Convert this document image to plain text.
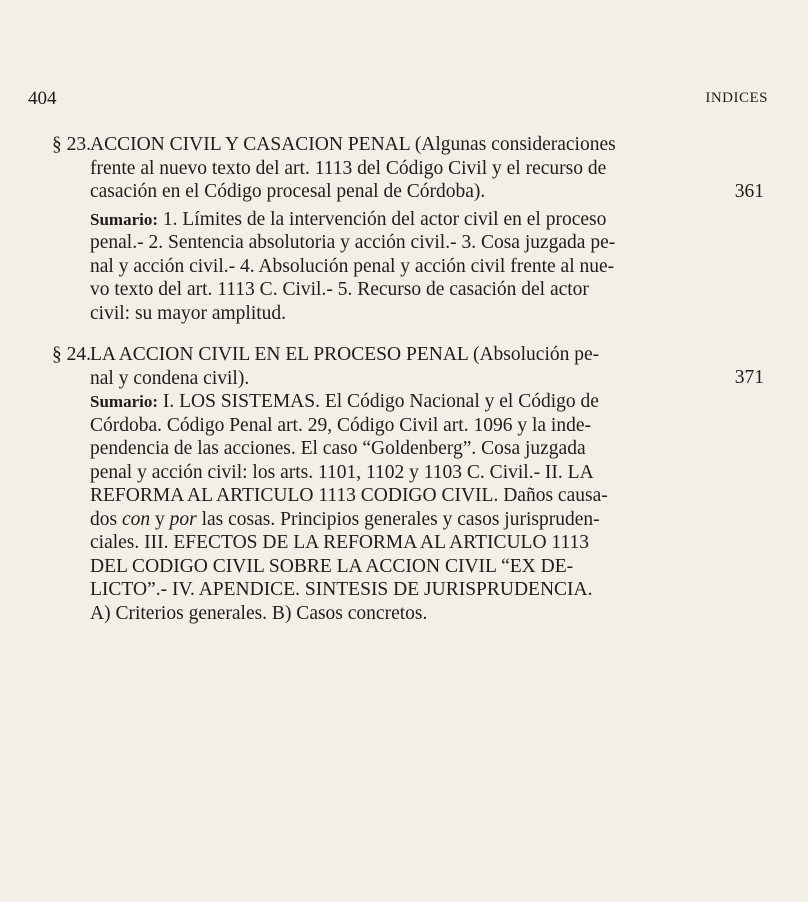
404	INDICES
§ 23. ACCION CIVIL Y CASACION PENAL (Algunas consideraciones
frente al nuevo texto del art. 1113 del Código Civil y el recurso de
casación en el Código procesal penal de Córdoba).
Sumario: 1. Límites de la intervención del actor civil en el proceso
penal.- 2. Sentencia absolutoria y acción civil.- 3. Cosa juzgada pe-
nal y acción civil.- 4. Absolución penal y acción civil frente al nue-
vo texto del art. 1113 C. Civil.- 5. Recurso de casación del actor
civil: su mayor amplitud.
361
§ 24. LA ACCION CIVIL EN EL PROCESO PENAL (Absolución pe-
nal y condena civil).
Sumario: I. LOS SISTEMAS. El Código Nacional y el Código de
Córdoba. Código Penal art. 29, Código Civil art. 1096 y la inde-
pendencia de las acciones. El caso “Goldenberg”. Cosa juzgada
penal y acción civil: los arts. 1101, 1102 y 1103 C. Civil.- II. LA
REFORMA AL ARTICULO 1113 CODIGO CIVIL. Daños causa-
dos con y por las cosas. Principios generales y casos jurispruden-
ciales. III. EFECTOS DE LA REFORMA AL ARTICULO 1113
DEL CODIGO CIVIL SOBRE LA ACCION CIVIL “EX DE-
LICTO”.- IV. APENDICE. SINTESIS DE JURISPRUDENCIA.
A) Criterios generales. B) Casos concretos.
371
